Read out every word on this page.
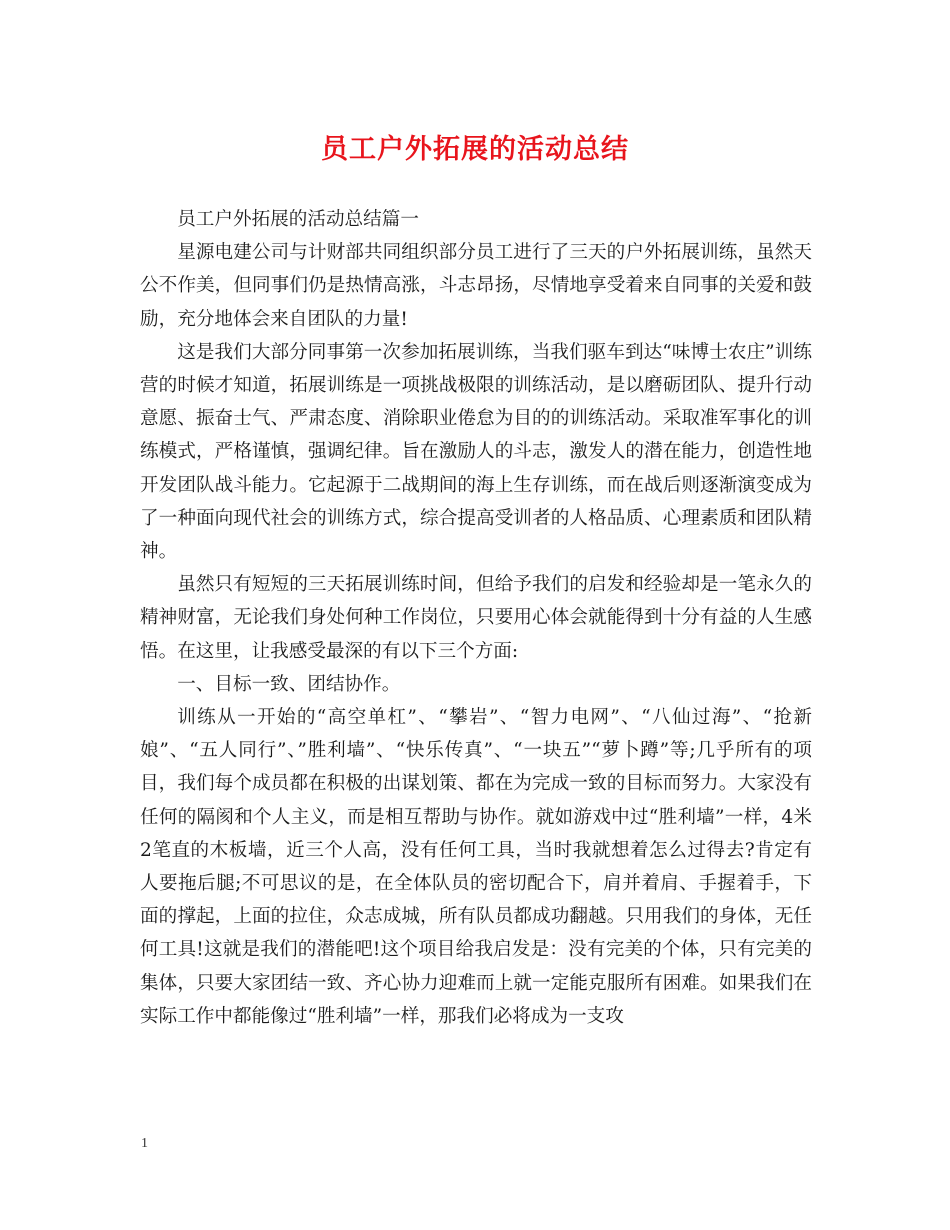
员工户外拓展的活动总结

员工户外拓展的活动总结篇一

星源电建公司与计财部共同组织部分员工进行了三天的户外拓展训练，虽然天公不作美，但同事们仍是热情高涨，斗志昂扬，尽情地享受着来自同事的关爱和鼓励，充分地体会来自团队的力量!

这是我们大部分同事第一次参加拓展训练，当我们驱车到达“味博士农庄”训练营的时候才知道，拓展训练是一项挑战极限的训练活动，是以磨砺团队、提升行动意愿、振奋士气、严肃态度、消除职业倦怠为目的的训练活动。采取准军事化的训练模式，严格谨慎，强调纪律。旨在激励人的斗志，激发人的潜在能力，创造性地开发团队战斗能力。它起源于二战期间的海上生存训练，而在战后则逐渐演变成为了一种面向现代社会的训练方式，综合提高受训者的人格品质、心理素质和团队精神。

虽然只有短短的三天拓展训练时间，但给予我们的启发和经验却是一笔永久的精神财富，无论我们身处何种工作岗位，只要用心体会就能得到十分有益的人生感悟。在这里，让我感受最深的有以下三个方面:

一、目标一致、团结协作。

训练从一开始的“高空单杠”、“攀岩”、“智力电网”、“八仙过海”、“抢新娘”、“五人同行”、”胜利墙”、“快乐传真”、“一块五”“萝卜蹲”等;几乎所有的项目，我们每个成员都在积极的出谋划策、都在为完成一致的目标而努力。大家没有任何的隔阂和个人主义，而是相互帮助与协作。就如游戏中过“胜利墙”一样，4米2笔直的木板墙，近三个人高，没有任何工具，当时我就想着怎么过得去?肯定有人要拖后腿;不可思议的是，在全体队员的密切配合下，肩并着肩、手握着手，下面的撑起，上面的拉住，众志成城，所有队员都成功翻越。只用我们的身体，无任何工具!这就是我们的潜能吧!这个项目给我启发是：没有完美的个体，只有完美的集体，只要大家团结一致、齐心协力迎难而上就一定能克服所有困难。如果我们在实际工作中都能像过“胜利墙”一样，那我们必将成为一支攻

1
